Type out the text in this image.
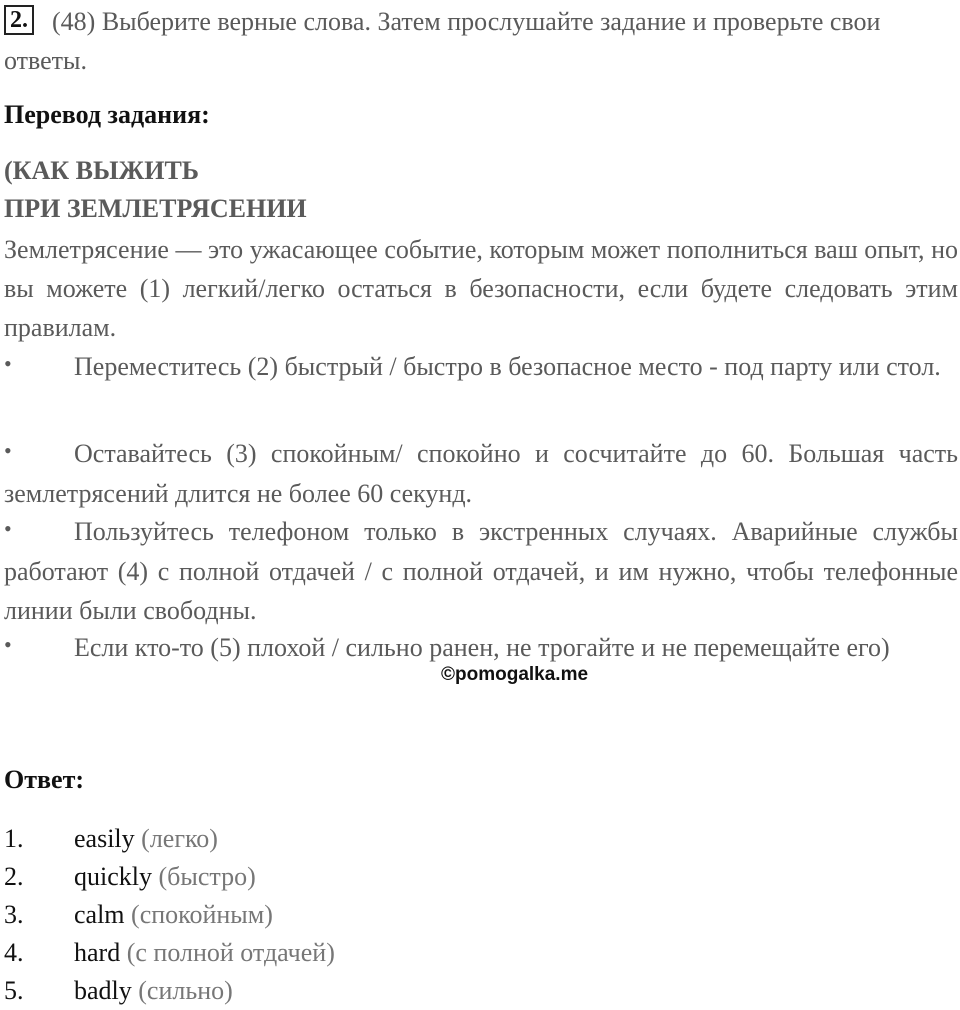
2. (48) Выберите верные слова. Затем прослушайте задание и проверьте свои ответы.
Перевод задания:
(КАК ВЫЖИТЬ
ПРИ ЗЕМЛЕТРЯСЕНИИ

Землетрясение — это ужасающее событие, которым может пополниться ваш опыт, но вы можете (1) легкий/легко остаться в безопасности, если будете следовать этим правилам.

• Переместитесь (2) быстрый / быстро в безопасное место - под парту или стол.

• Оставайтесь (3) спокойным/ спокойно и сосчитайте до 60. Большая часть землетрясений длится не более 60 секунд.

• Пользуйтесь телефоном только в экстренных случаях. Аварийные службы работают (4) с полной отдачей / с полной отдачей, и им нужно, чтобы телефонные линии были свободны.

• Если кто-то (5) плохой / сильно ранен, не трогайте и не перемещайте его)

©pomogalka.me
Ответ:
1. easily (легко)
2. quickly (быстро)
3. calm (спокойным)
4. hard (с полной отдачей)
5. badly (сильно)
